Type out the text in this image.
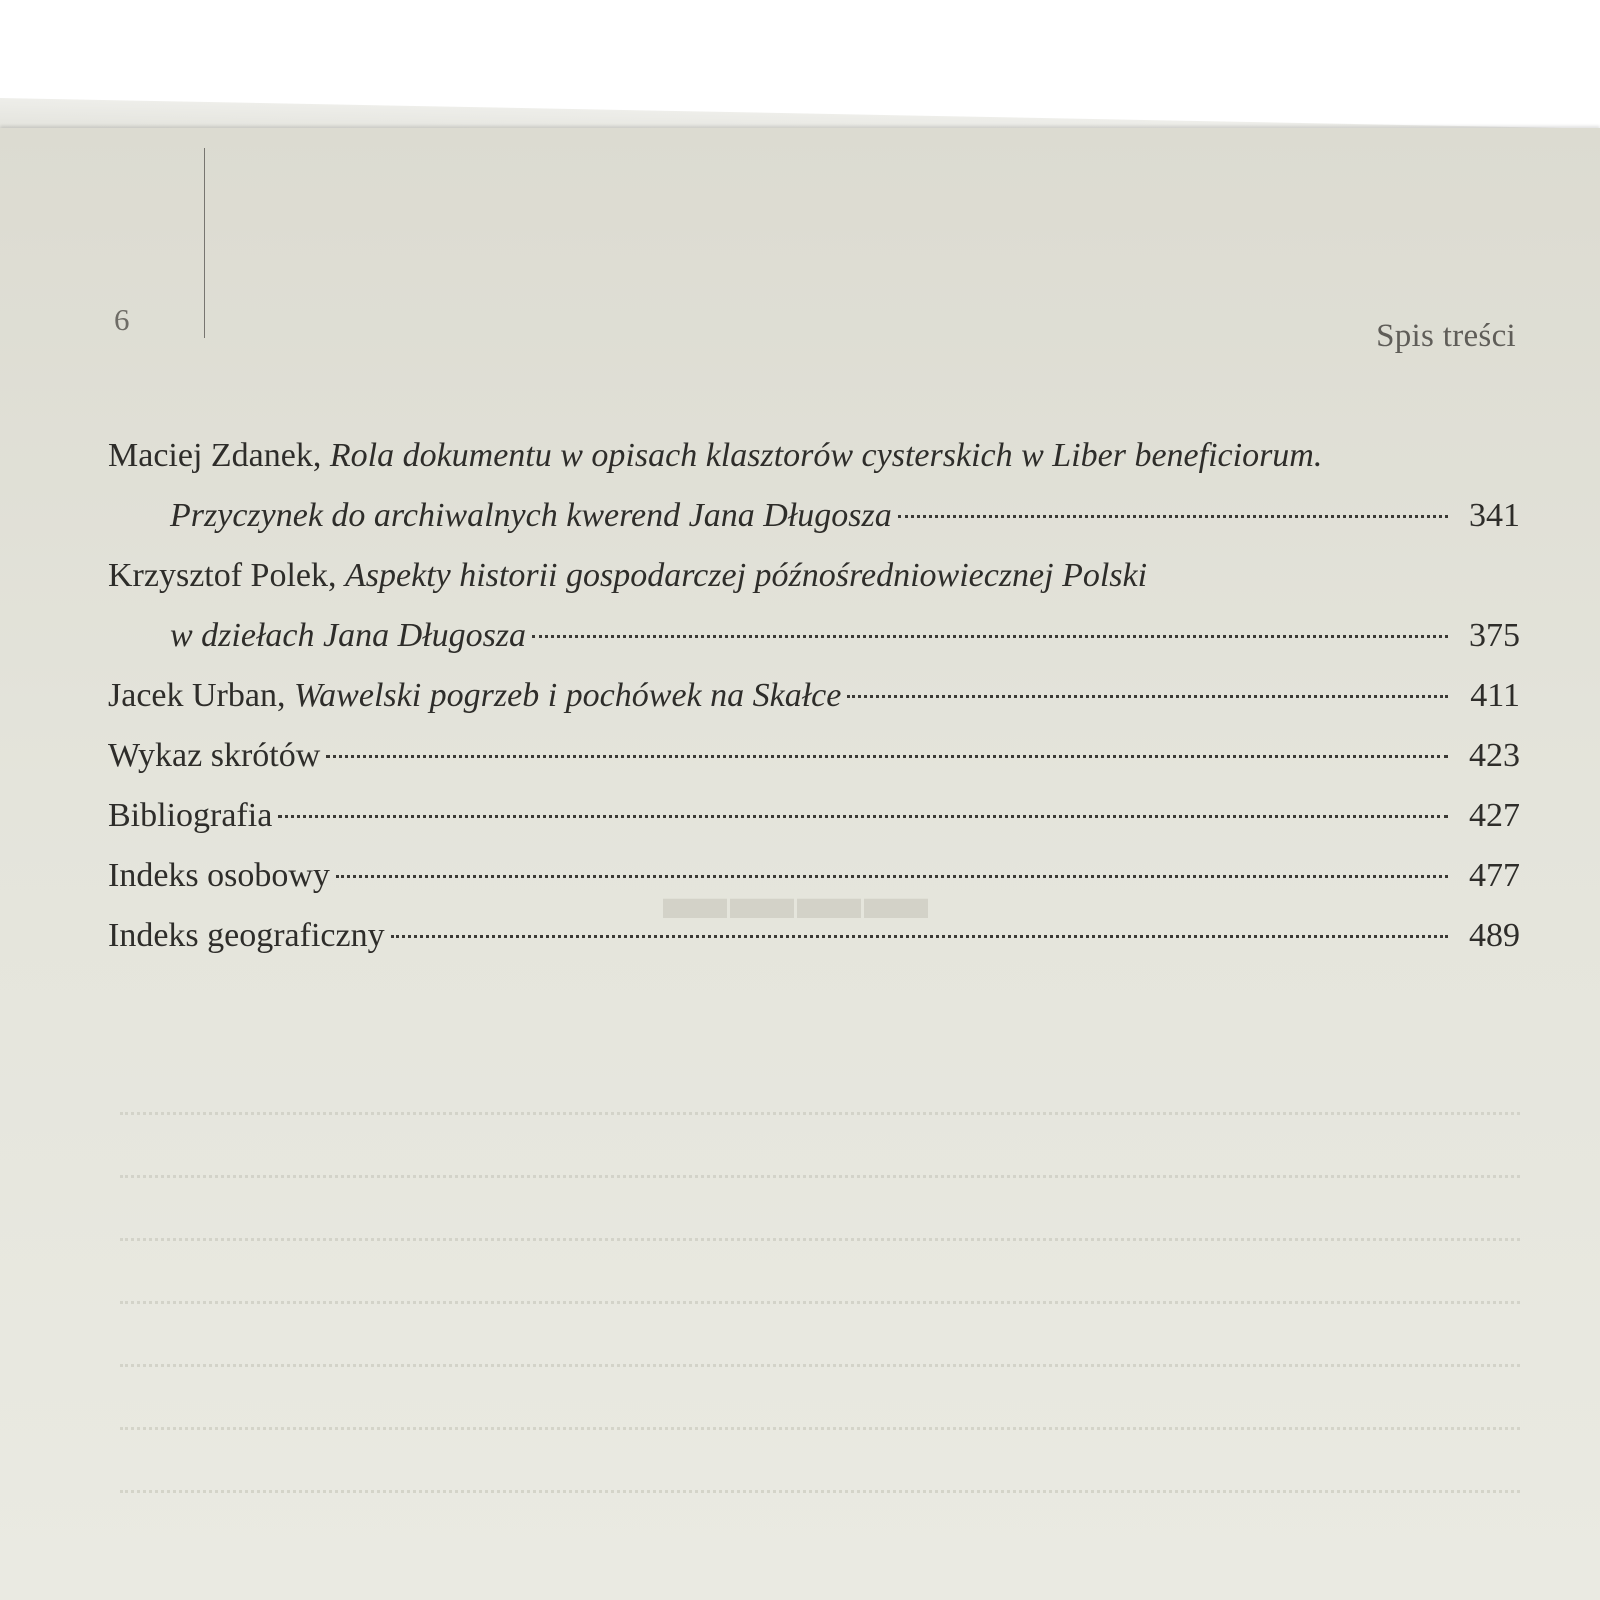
▬▬▬▬
6	Spis treści
Maciej Zdanek,
Rola dokumentu w opisach klasztorów cysterskich w Liber beneficiorum.
Przyczynek do archiwalnych kwerend Jana Długosza	341
Krzysztof Polek,
Aspekty historii gospodarczej późnośredniowiecznej Polski
w dziełach Jana Długosza	375
Jacek Urban,
Wawelski pogrzeb i pochówek na Skałce	411
Wykaz skrótów	423
Bibliografia	427
Indeks osobowy	477
Indeks geograficzny	489
